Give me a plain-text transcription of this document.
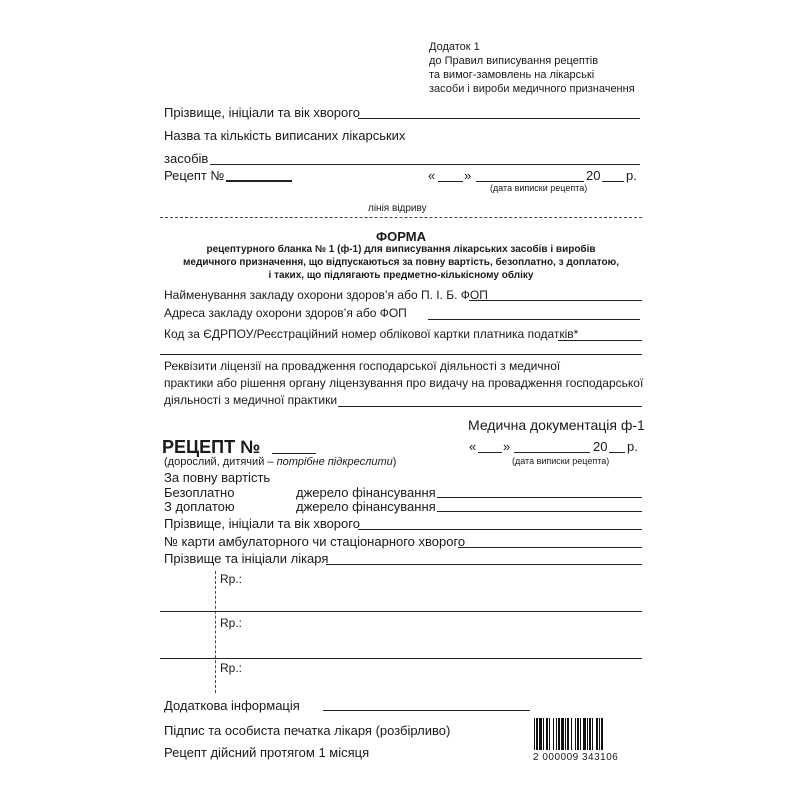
Додаток 1
до Правил виписування рецептів
та вимог-замовлень на лікарські
засоби і вироби медичного призначення
Прізвище, ініціали та вік хворого
Назва та кількість виписаних лікарських
засобів
Рецепт №	« »	20 р.
(дата виписки рецепта)
лінія відриву
ФОРМА
рецептурного бланка № 1 (ф-1) для виписування лікарських засобів і виробів
медичного призначення, що відпускаються за повну вартість, безоплатно, з доплатою,
і таких, що підлягають предметно-кількісному обліку
Найменування закладу охорони здоров’я або П. І. Б. ФОП
Адреса закладу охорони здоров’я або ФОП
Код за ЄДРПОУ/Реєстраційний номер облікової картки платника податків*
Реквізити ліцензії на провадження господарської діяльності з медичної
практики або рішення органу ліцензування про видачу на провадження господарської
діяльності з медичної практики
Медична документація ф-1
РЕЦЕПТ №	« »	20 р.
(дата виписки рецепта)
(дорослий, дитячий – потрібне підкреслити)
За повну вартість
Безоплатно	джерело фінансування
З доплатою	джерело фінансування
Прізвище, ініціали та вік хворого
№ карти амбулаторного чи стаціонарного хворого
Прізвище та ініціали лікаря
Rp.:
Rp.:
Rp.:
Додаткова інформація
Підпис та особиста печатка лікаря (розбірливо)
Рецепт дійсний протягом 1 місяця	2 000009 343106
